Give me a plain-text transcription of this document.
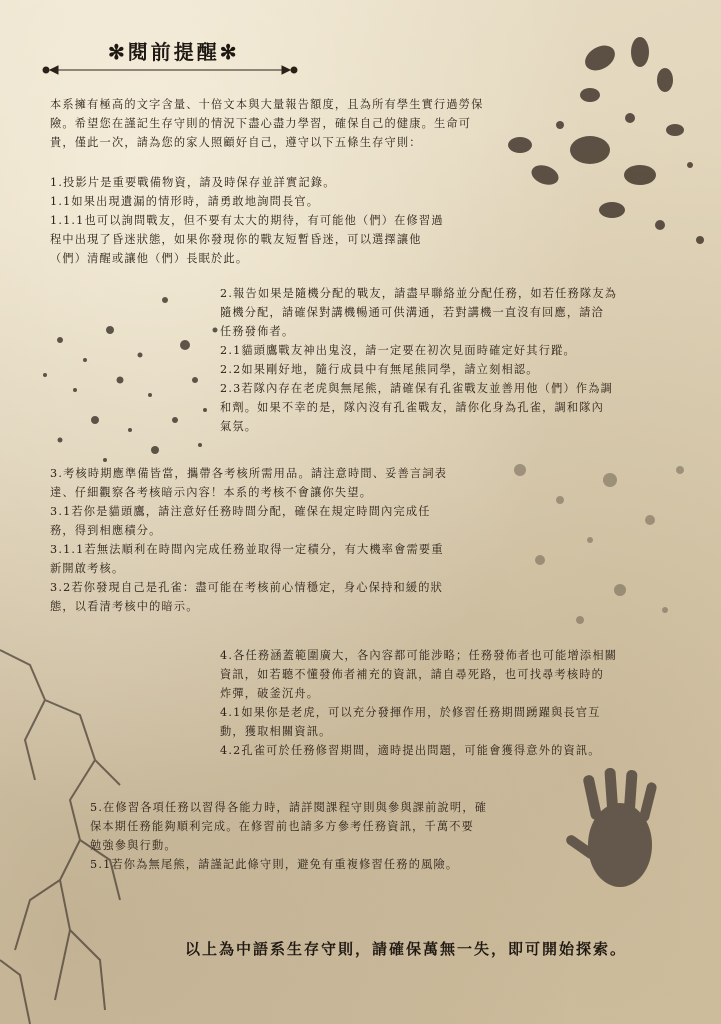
✻閱前提醒✻
本系擁有極高的文字含量、十倍文本與大量報告額度，且為所有學生實行過勞保
險。希望您在謹記生存守則的情況下盡心盡力學習，確保自己的健康。生命可
貴，僅此一次，請為您的家人照顧好自己，遵守以下五條生存守則：
1.投影片是重要戰備物資，請及時保存並詳實記錄。
1.1如果出現遺漏的情形時，請勇敢地詢問長官。
1.1.1也可以詢問戰友，但不要有太大的期待，有可能他（們）在修習過
程中出現了昏迷狀態，如果你發現你的戰友短暫昏迷，可以選擇讓他
（們）清醒或讓他（們）長眠於此。
2.報告如果是隨機分配的戰友，請盡早聯絡並分配任務，如若任務隊友為
隨機分配，請確保對講機暢通可供溝通，若對講機一直沒有回應，請洽
任務發佈者。
2.1貓頭鷹戰友神出鬼沒，請一定要在初次見面時確定好其行蹤。
2.2如果剛好地，隨行成員中有無尾熊同學，請立刻相認。
2.3若隊內存在老虎與無尾熊，請確保有孔雀戰友並善用他（們）作為調
和劑。如果不幸的是，隊內沒有孔雀戰友，請你化身為孔雀，調和隊內
氣氛。
3.考核時期應準備皆當，攜帶各考核所需用品。請注意時間、妥善言詞表
達、仔細觀察各考核暗示內容！本系的考核不會讓你失望。
3.1若你是貓頭鷹，請注意好任務時間分配，確保在規定時間內完成任
務，得到相應積分。
3.1.1若無法順利在時間內完成任務並取得一定積分，有大機率會需要重
新開啟考核。
3.2若你發現自己是孔雀：盡可能在考核前心情穩定，身心保持和緩的狀
態，以看清考核中的暗示。
4.各任務涵蓋範圍廣大，各內容都可能涉略；任務發佈者也可能增添相關
資訊，如若聽不懂發佈者補充的資訊，請自尋死路，也可找尋考核時的
炸彈，破釜沉舟。
4.1如果你是老虎，可以充分發揮作用，於修習任務期間踴躍與長官互
動，獲取相關資訊。
4.2孔雀可於任務修習期間，適時提出問題，可能會獲得意外的資訊。
5.在修習各項任務以習得各能力時，請詳閱課程守則與參與課前說明，確
保本期任務能夠順利完成。在修習前也請多方參考任務資訊，千萬不要
勉強參與行動。
5.1若你為無尾熊，請謹記此條守則，避免有重複修習任務的風險。

以上為中語系生存守則，請確保萬無一失，即可開始探索。
